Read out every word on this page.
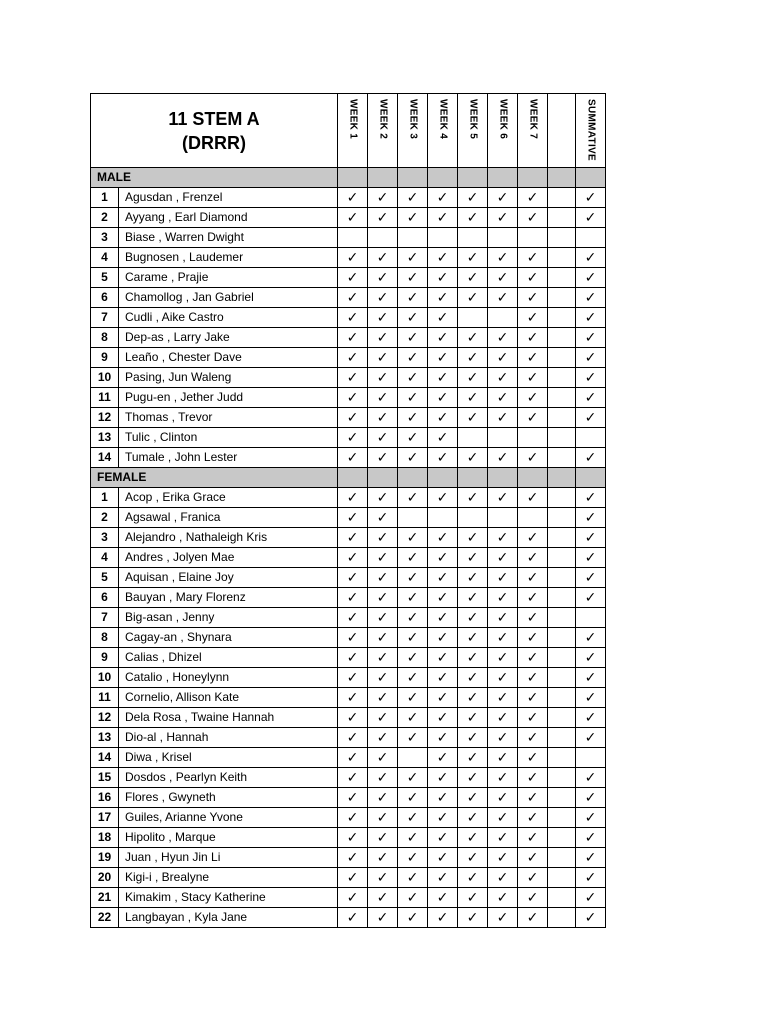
11 STEM A
(DRRR)		WEEK 1	WEEK 2	WEEK 3	WEEK 4	WEEK 5	WEEK 6	WEEK 7		SUMMATIVE

MALE										
1	Agusdan , Frenzel	✓	✓	✓	✓	✓	✓	✓		✓
2	Ayyang , Earl Diamond	✓	✓	✓	✓	✓	✓	✓		✓
3	Biase , Warren Dwight									
4	Bugnosen , Laudemer	✓	✓	✓	✓	✓	✓	✓		✓
5	Carame , Prajie	✓	✓	✓	✓	✓	✓	✓		✓
6	Chamollog , Jan Gabriel	✓	✓	✓	✓	✓	✓	✓		✓
7	Cudli , Aike Castro	✓	✓	✓	✓			✓		✓
8	Dep-as , Larry Jake	✓	✓	✓	✓	✓	✓	✓		✓
9	Leaño , Chester Dave	✓	✓	✓	✓	✓	✓	✓		✓
10	Pasing, Jun Waleng	✓	✓	✓	✓	✓	✓	✓		✓
11	Pugu-en , Jether Judd	✓	✓	✓	✓	✓	✓	✓		✓
12	Thomas , Trevor	✓	✓	✓	✓	✓	✓	✓		✓
13	Tulic , Clinton	✓	✓	✓	✓					
14	Tumale , John Lester	✓	✓	✓	✓	✓	✓	✓		✓
FEMALE										
1	Acop , Erika Grace	✓	✓	✓	✓	✓	✓	✓		✓
2	Agsawal , Franica	✓	✓							✓
3	Alejandro , Nathaleigh Kris	✓	✓	✓	✓	✓	✓	✓		✓
4	Andres , Jolyen Mae	✓	✓	✓	✓	✓	✓	✓		✓
5	Aquisan , Elaine Joy	✓	✓	✓	✓	✓	✓	✓		✓
6	Bauyan , Mary Florenz	✓	✓	✓	✓	✓	✓	✓		✓
7	Big-asan , Jenny	✓	✓	✓	✓	✓	✓	✓		
8	Cagay-an , Shynara	✓	✓	✓	✓	✓	✓	✓		✓
9	Calias , Dhizel	✓	✓	✓	✓	✓	✓	✓		✓
10	Catalio , Honeylynn	✓	✓	✓	✓	✓	✓	✓		✓
11	Cornelio, Allison Kate	✓	✓	✓	✓	✓	✓	✓		✓
12	Dela Rosa , Twaine Hannah	✓	✓	✓	✓	✓	✓	✓		✓
13	Dio-al , Hannah	✓	✓	✓	✓	✓	✓	✓		✓
14	Diwa , Krisel	✓	✓		✓	✓	✓	✓		
15	Dosdos , Pearlyn Keith	✓	✓	✓	✓	✓	✓	✓		✓
16	Flores , Gwyneth	✓	✓	✓	✓	✓	✓	✓		✓
17	Guiles, Arianne Yvone	✓	✓	✓	✓	✓	✓	✓		✓
18	Hipolito , Marque	✓	✓	✓	✓	✓	✓	✓		✓
19	Juan , Hyun Jin Li	✓	✓	✓	✓	✓	✓	✓		✓
20	Kigi-i , Brealyne	✓	✓	✓	✓	✓	✓	✓		✓
21	Kimakim , Stacy Katherine	✓	✓	✓	✓	✓	✓	✓		✓
22	Langbayan , Kyla Jane	✓	✓	✓	✓	✓	✓	✓		✓
